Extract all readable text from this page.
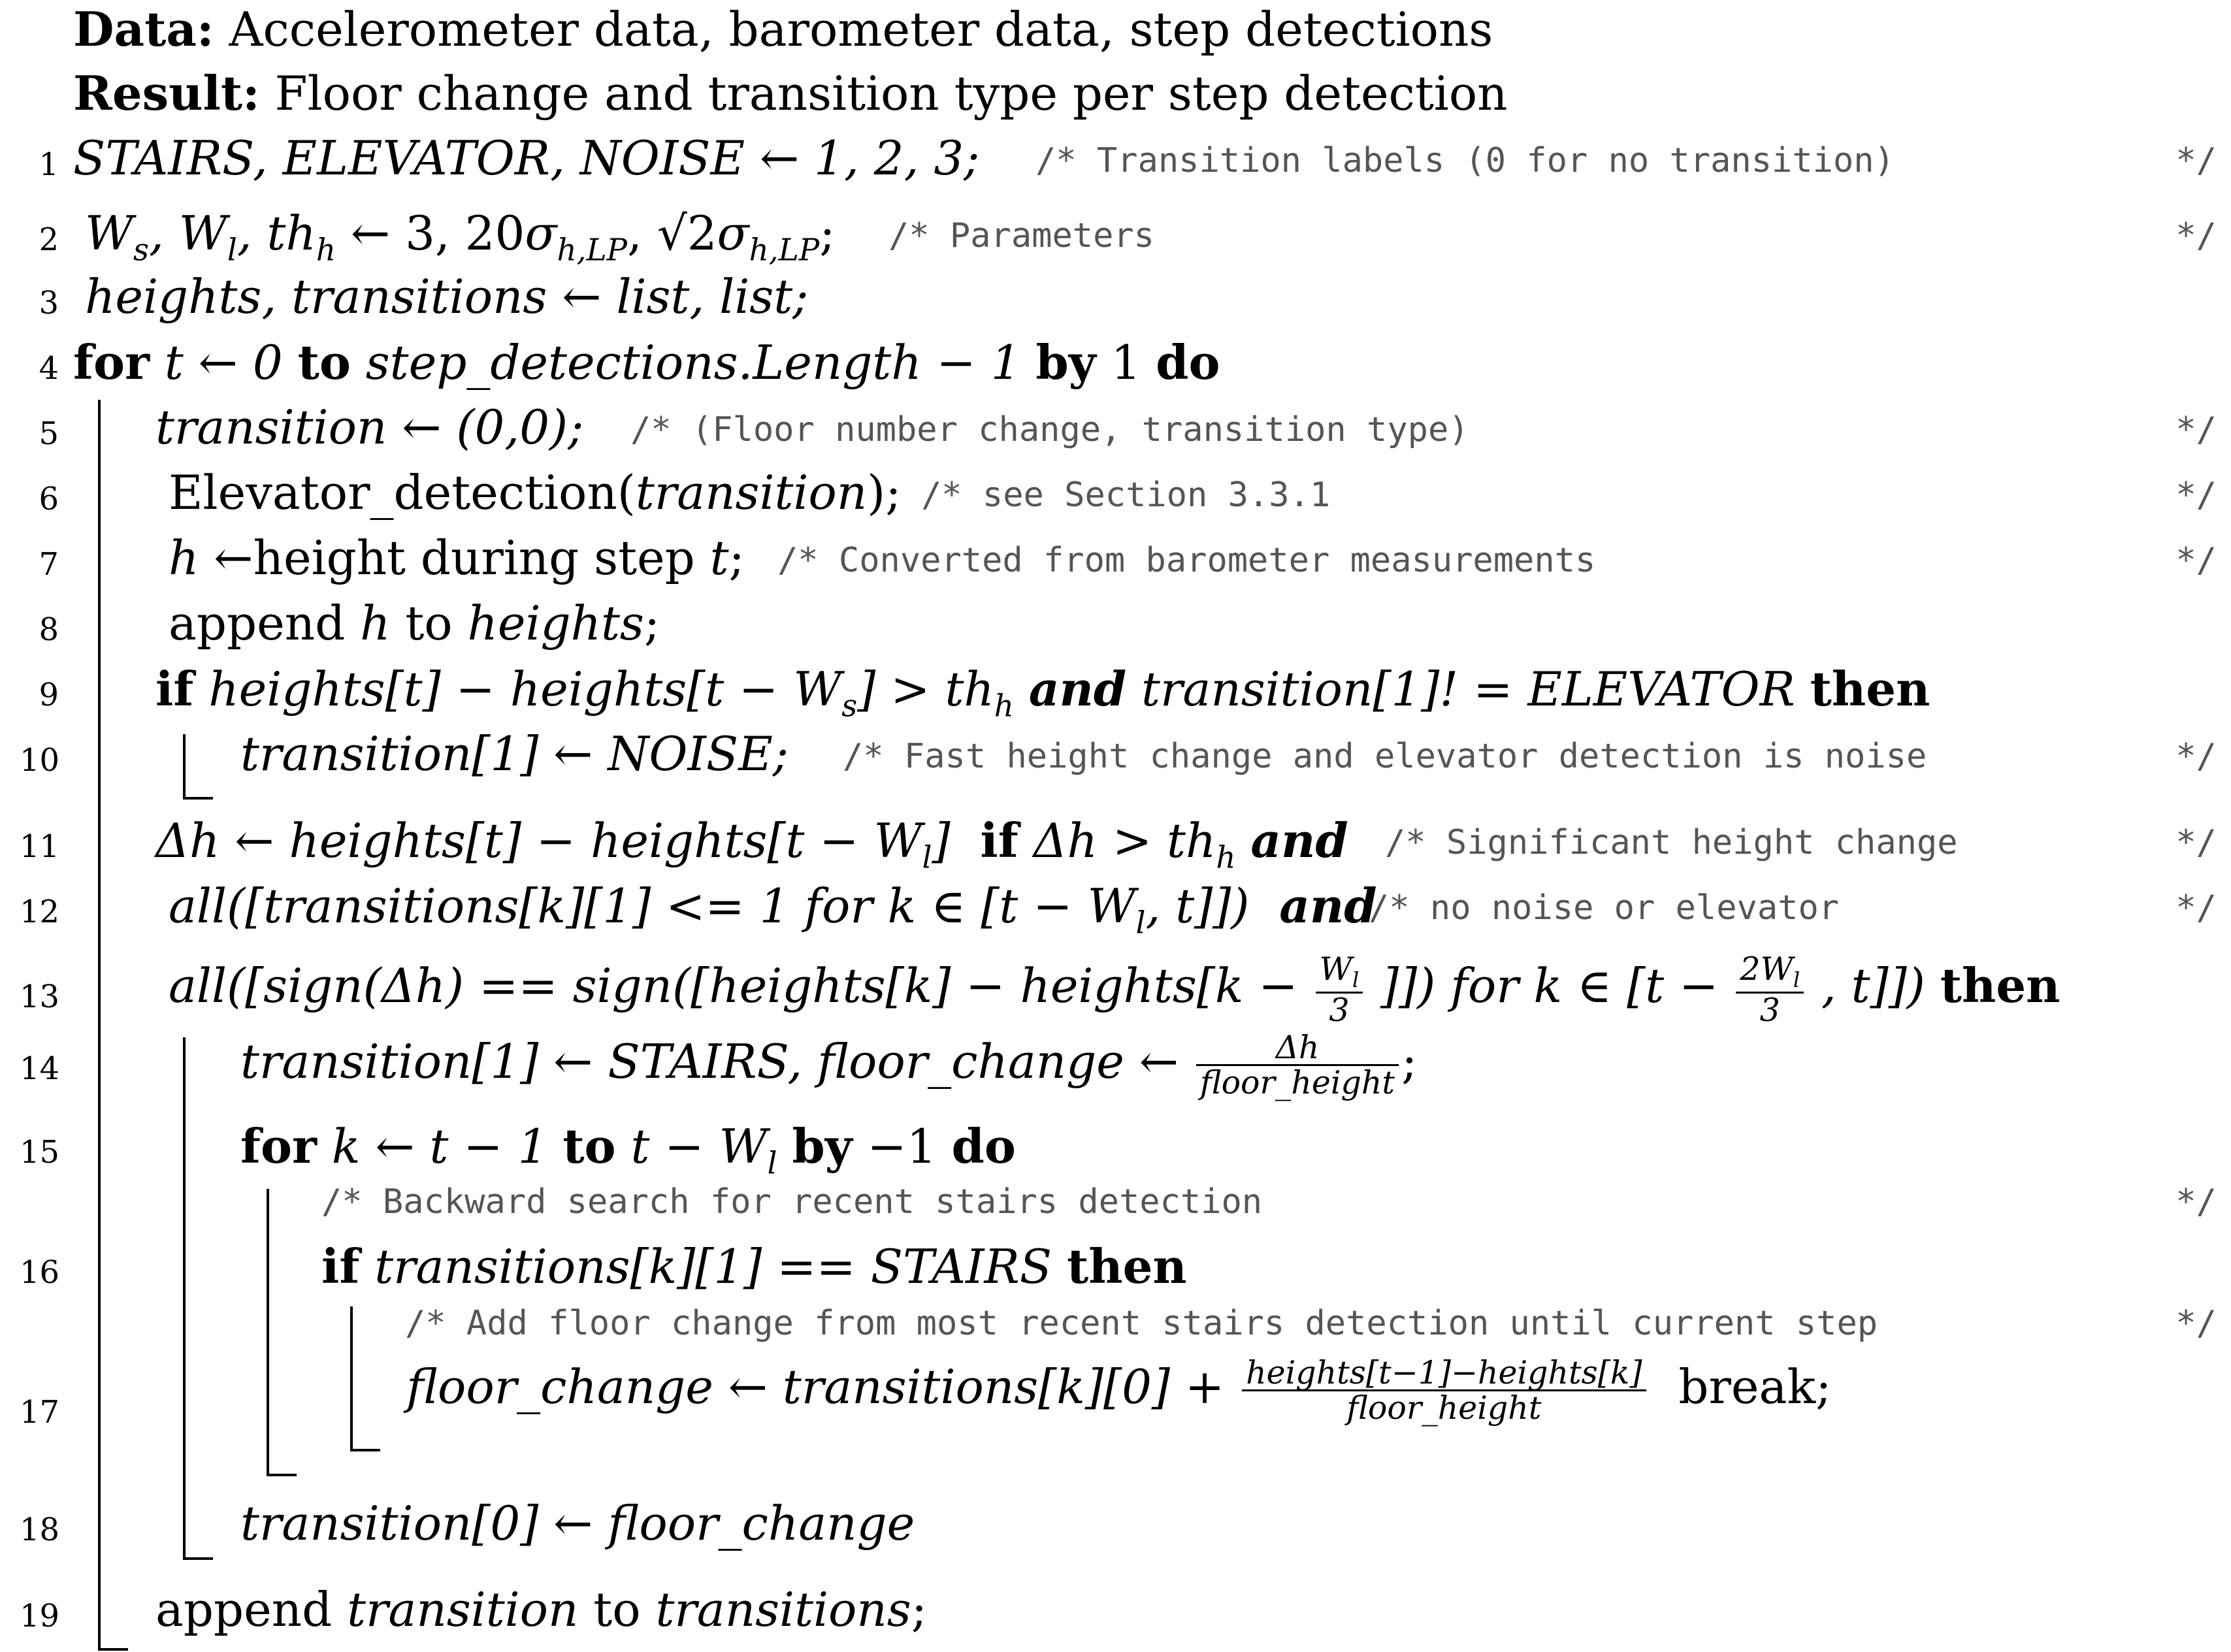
Data: Accelerometer data, barometer data, step detections
Result: Floor change and transition type per step detection
1 STAIRS, ELEVATOR, NOISE ← 1, 2, 3; /* Transition labels (0 for no transition)	*/
2 $W_s$, $W_l$, $th_h$ ← 3, $20\sigma_{h,LP}$, $√2\sigma_{h,LP}$; /* Parameters	*/
3 heights, transitions ← list, list;
4 for t ← 0 to step_detections.Length − 1 by 1 do
5 transition ← (0,0); /* (Floor number change, transition type)	*/
6 Elevator_detection(transition); /* see Section 3.3.1	*/
7 h ←height during step t; /* Converted from barometer measurements	*/
8 append h to heights;
9 if heights[t] − heights[t − $W_s] > th_h$ and transition[1]! = ELEVATOR then
10	transition[1] ← NOISE; /* Fast height change and elevator detection is noise	*/
11 Δh ← heights[t] − heights[t − $W_l$] if $\Delta h > th_h$ and /* Significant height change	*/
12 all([transitions[k][1] <= 1 for k ∈ [$t - W_l$, t]]) and
/* no noise or elevator	*/
13 all([sign(Δh) == sign([heights[k] − heights[k − $\frac{W_l}{3}$ ]]) for k ∈ [$t - \frac{2W_l}{3}$ , t]]) then
14	transition[1] ← STAIRS, floor_change ← $\frac{\Delta h}{\text{floor\_height}}$ ;
15	for k ← t − 1 to $t - W_l$ by −1 do
/* Backward search for recent stairs detection	*/
16	if transitions[k][1] == STAIRS then
/* Add floor change from most recent stairs detection until current step	*/
17	floor_change ← transitions[k][0] + $\frac{\text{heights[t−1]−heights[k]}}{\text{floor\_height}}$ break;
18	transition[0] ← floor_change
19 append transition to transitions;
